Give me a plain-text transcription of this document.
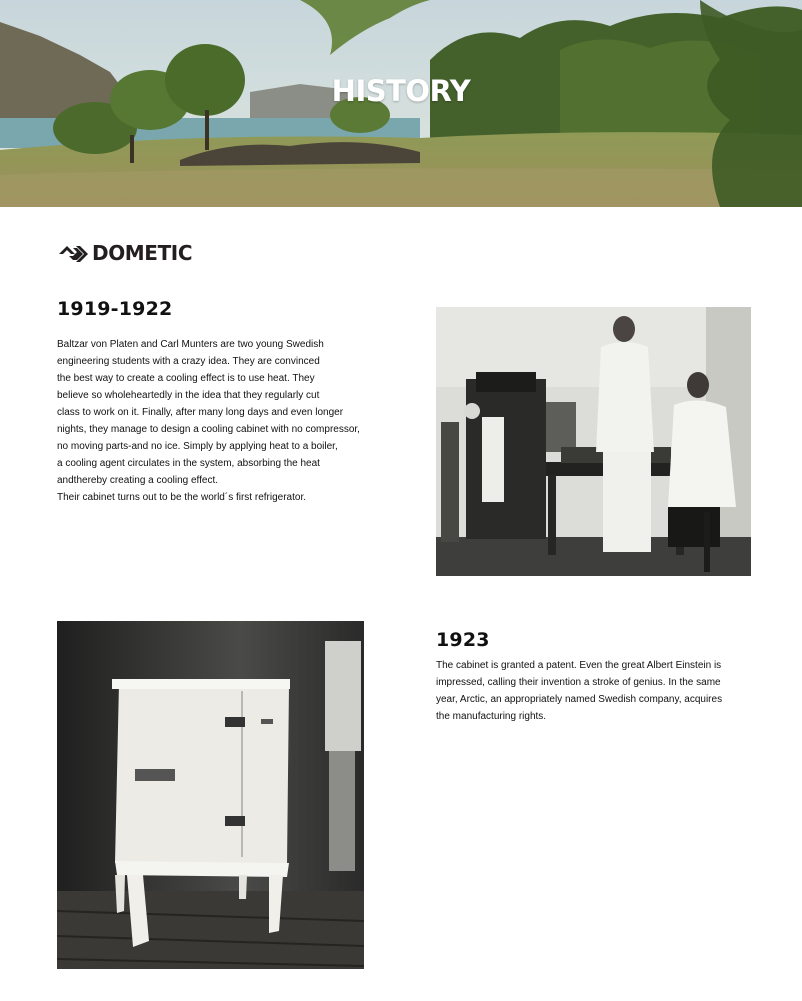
HISTORY
DOMETIC
1919-1922
Baltzar von Platen and Carl Munters are two young Swedish
engineering students with a crazy idea. They are convinced
the best way to create a cooling effect is to use heat. They
believe so wholeheartedly in the idea that they regularly cut
class to work on it. Finally, after many long days and even longer
nights, they manage to design a cooling cabinet with no compressor,
no moving parts-and no ice. Simply by applying heat to a boiler,
a cooling agent circulates in the system, absorbing the heat
andthereby creating a cooling effect.
Their cabinet turns out to be the world´s first refrigerator.
1923
The cabinet is granted a patent. Even the great Albert Einstein is
impressed, calling their invention a stroke of genius. In the same
year, Arctic, an appropriately named Swedish company, acquires
the manufacturing rights.
